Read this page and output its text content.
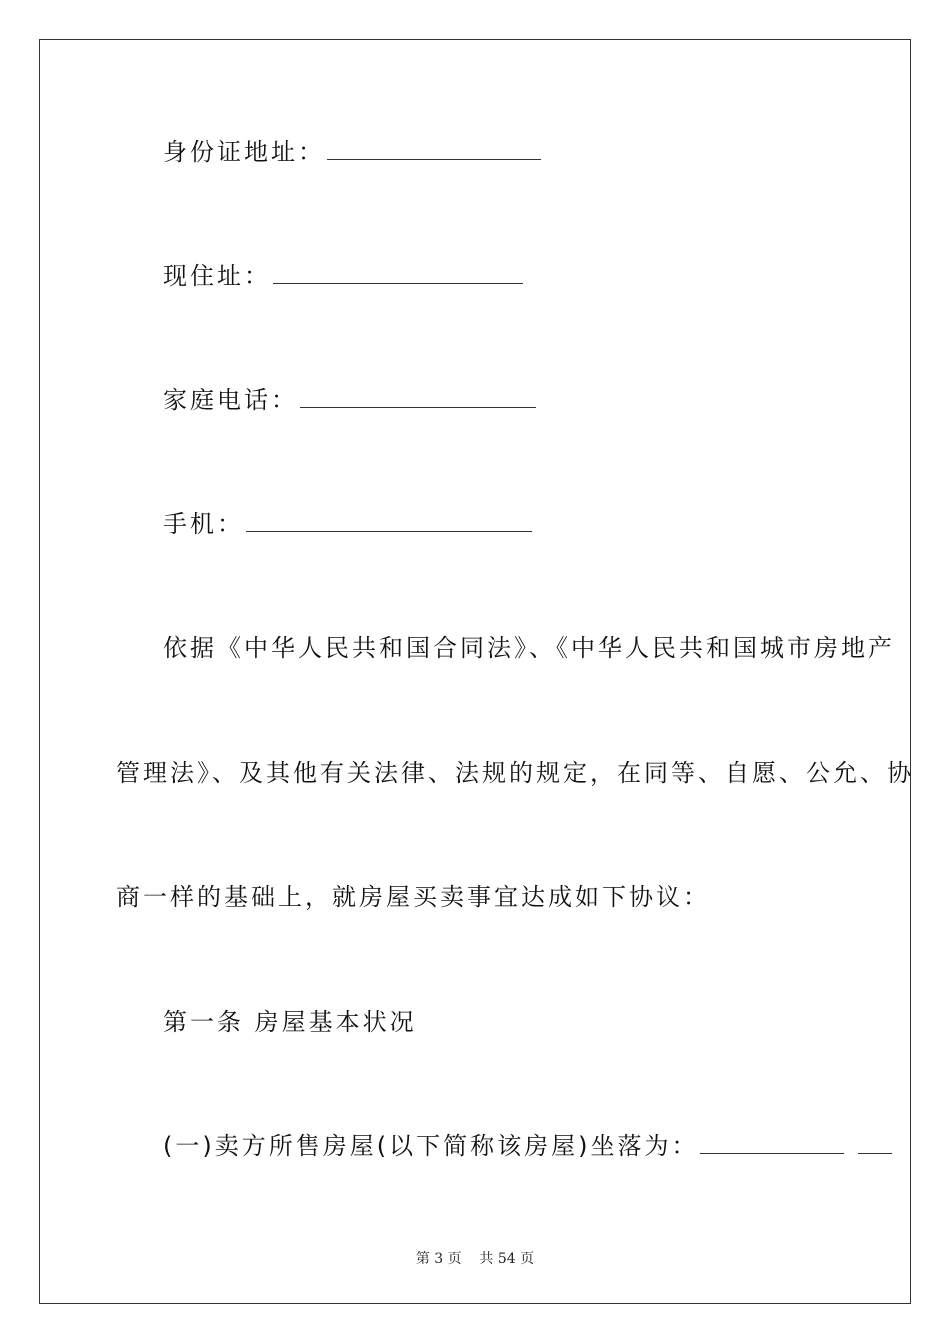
身份证地址：
现住址：
家庭电话：
手机：
依据《中华人民共和国合同法》、《中华人民共和国城市房地产
管理法》、及其他有关法律、法规的规定，在同等、自愿、公允、协
商一样的基础上，就房屋买卖事宜达成如下协议：
第一条 房屋基本状况
(一)卖方所售房屋(以下简称该房屋)坐落为：
第 3 页    共 54 页
